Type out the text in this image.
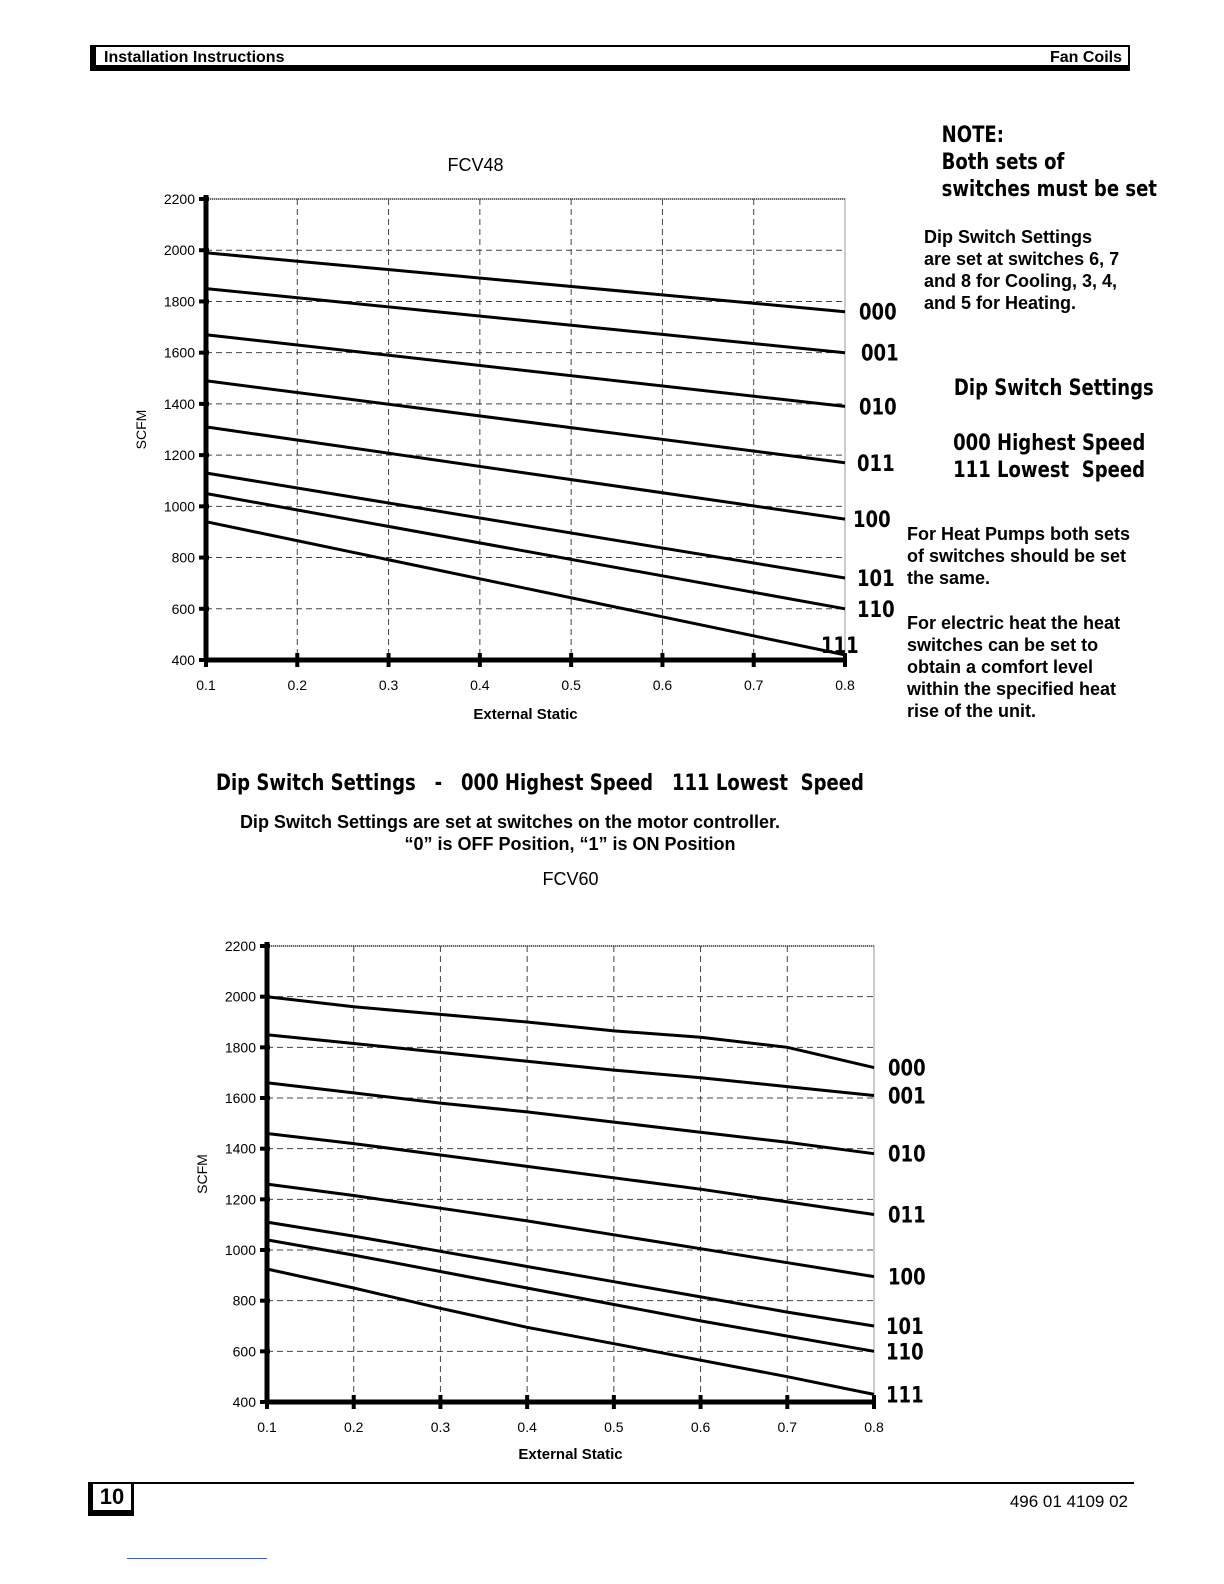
Installation Instructions	Fan Coils
NOTE:
Both sets of
switches must be set
Dip Switch Settings are set at switches 6, 7 and 8 for Cooling, 3, 4, and 5 for Heating.
Dip Switch Settings
000 Highest Speed
111 Lowest  Speed
For Heat Pumps both sets of switches should be set the same.
For electric heat the heat switches can be set to obtain a comfort level within the specified heat rise of the unit.
Dip Switch Settings   -   000 Highest Speed   111 Lowest  Speed
Dip Switch Settings are set at switches on the motor controller.
“0” is OFF Position, “1” is ON Position
FCV48
400
600
800
1000
1200
1400
1600
1800
2000
2200
0.1	0.2	0.3	0.4	0.5	0.6	0.7	0.8
External Static
SCFM
000
001
010
011
100
101
110
111
FCV60
400
600
800
1000
1200
1400
1600
1800
2000
2200
0.1	0.2	0.3	0.4	0.5	0.6	0.7	0.8
External Static
SCFM
000
001
010
011
100
101
110
111
10	496 01 4109 02
